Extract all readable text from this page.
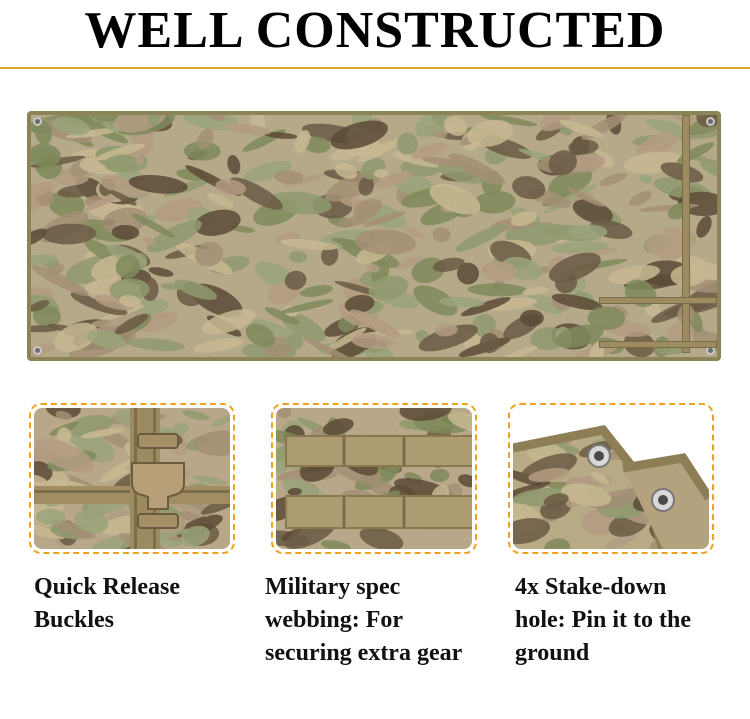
WELL CONSTRUCTED
Quick Release Buckles
Military spec webbing: For securing extra gear
4x Stake-down hole: Pin it to the ground
